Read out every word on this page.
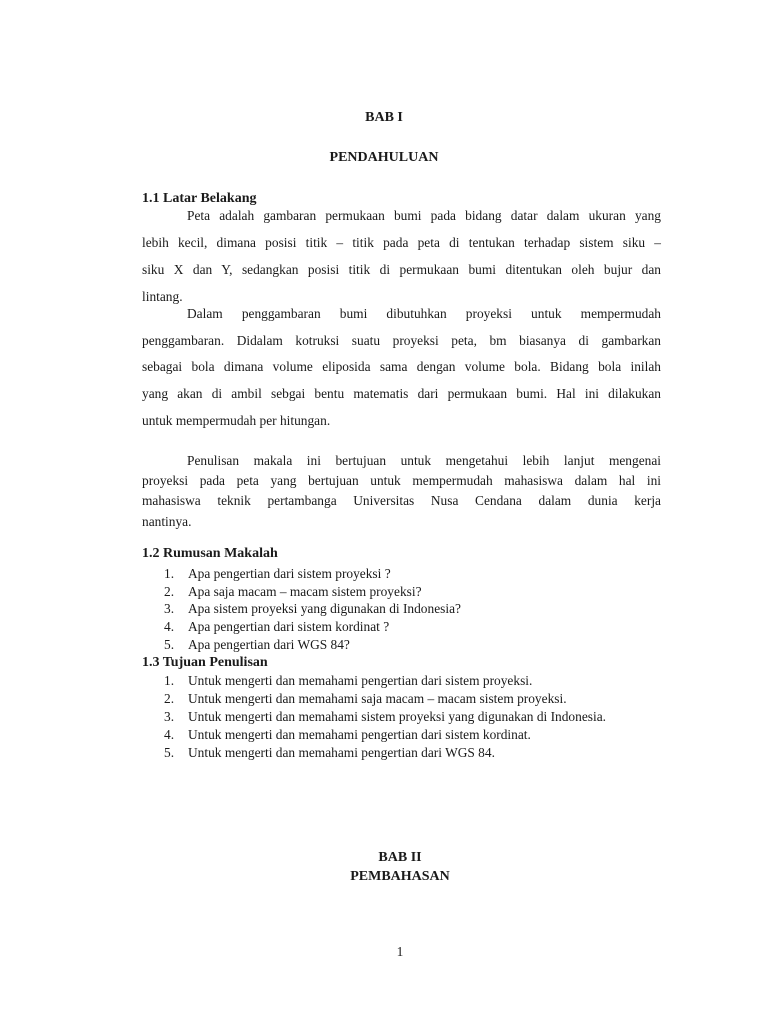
BAB I
PENDAHULUAN
1.1 Latar Belakang
Peta adalah gambaran permukaan bumi pada bidang datar dalam ukuran yang
lebih kecil, dimana posisi titik – titik pada peta di tentukan terhadap sistem siku –
siku X dan Y, sedangkan posisi titik di permukaan bumi ditentukan oleh bujur dan
lintang.
Dalam penggambaran bumi dibutuhkan proyeksi untuk mempermudah
penggambaran. Didalam kotruksi suatu proyeksi peta, bm biasanya di gambarkan
sebagai bola dimana volume eliposida sama dengan volume bola. Bidang bola inilah
yang akan di ambil sebgai bentu matematis dari permukaan bumi. Hal ini dilakukan
untuk mempermudah per hitungan.
Penulisan makala ini bertujuan untuk mengetahui lebih lanjut mengenai
proyeksi pada peta yang bertujuan untuk mempermudah mahasiswa dalam hal ini
mahasiswa teknik pertambanga Universitas Nusa Cendana dalam dunia kerja
nantinya.
1.2 Rumusan Makalah
1. Apa pengertian dari sistem proyeksi ?
2. Apa saja macam – macam sistem proyeksi?
3. Apa sistem proyeksi yang digunakan di Indonesia?
4. Apa pengertian dari sistem kordinat ?
5. Apa pengertian dari WGS 84?
1.3 Tujuan Penulisan
1. Untuk mengerti dan memahami pengertian dari sistem proyeksi.
2. Untuk mengerti dan memahami saja macam – macam sistem proyeksi.
3. Untuk mengerti dan memahami sistem proyeksi yang digunakan di Indonesia.
4. Untuk mengerti dan memahami pengertian dari sistem kordinat.
5. Untuk mengerti dan memahami pengertian dari WGS 84.
BAB II
PEMBAHASAN
1
